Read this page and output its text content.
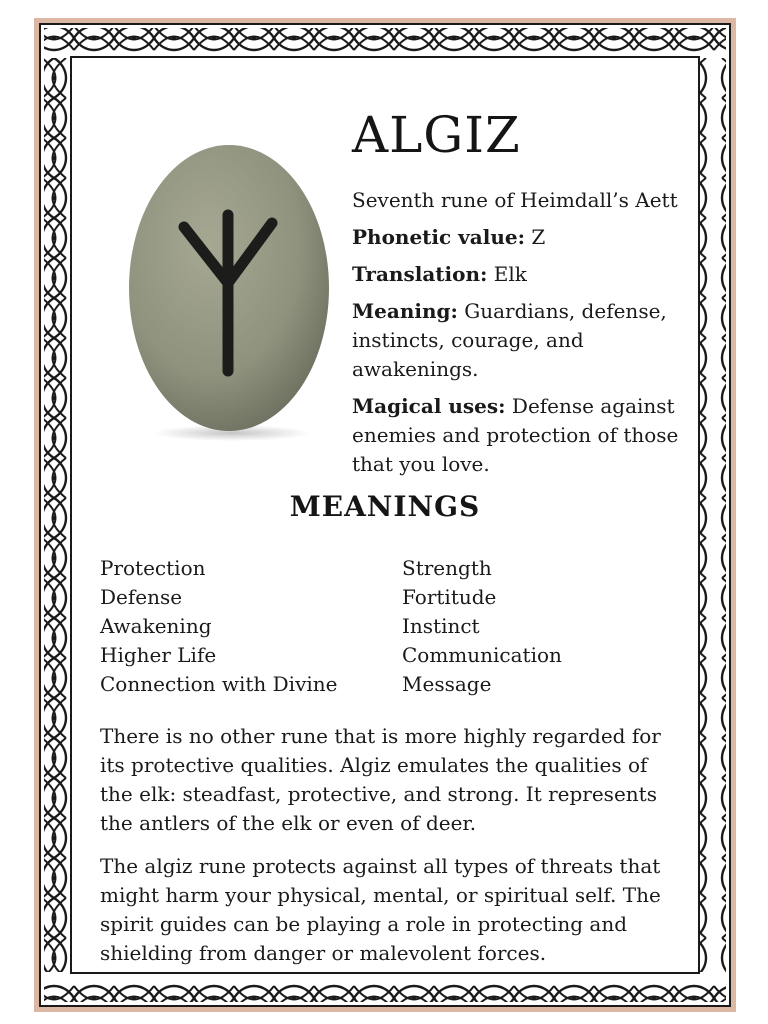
ALGIZ

Seventh rune of Heimdall’s Aett

Phonetic value: Z

Translation: Elk

Meaning: Guardians, defense, instincts, courage, and awakenings.

Magical uses: Defense against enemies and protection of those that you love.

MEANINGS
Protection
Defense
Awakening
Higher Life
Connection with Divine
Strength
Fortitude
Instinct
Communication
Message

There is no other rune that is more highly regarded for its protective qualities. Algiz emulates the qualities of the elk: steadfast, protective, and strong. It represents the antlers of the elk or even of deer.

The algiz rune protects against all types of threats that might harm your physical, mental, or spiritual self. The spirit guides can be playing a role in protecting and shielding from danger or malevolent forces.
